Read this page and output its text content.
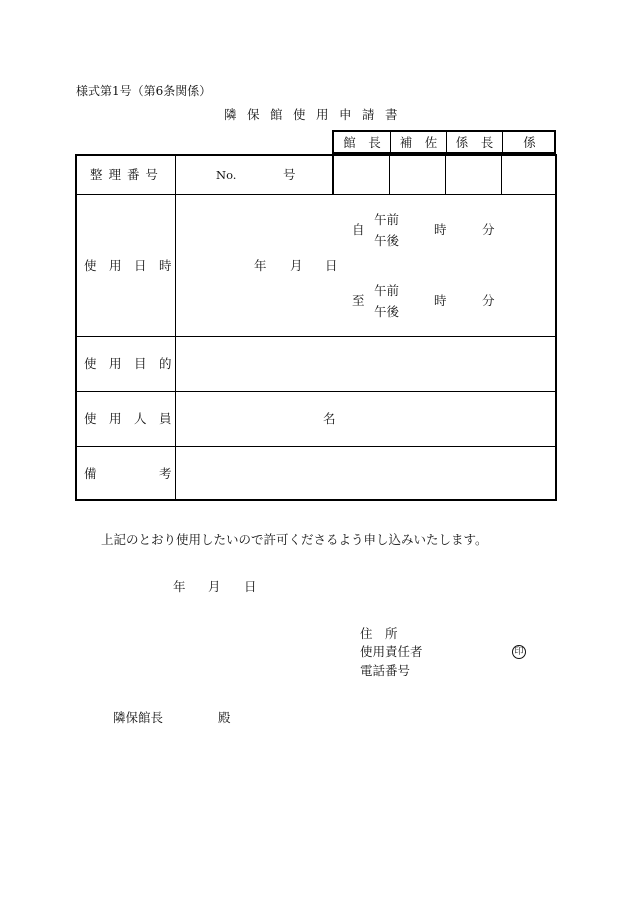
様式第1号（第6条関係）
隣保館使用申請書
館　長	補　佐	係　長	係
整 理 番 号	No.	号
使　用　日　時	年 月 日
自
午前
午後
時	分
至
午前
午後
時	分
使　用　目　的
使　用　人　員	名
備	考
上記のとおり使用したいので許可くださるよう申し込みいたします。
年 月 日
住　所
使用責任者	印
電話番号
隣保館長	殿
